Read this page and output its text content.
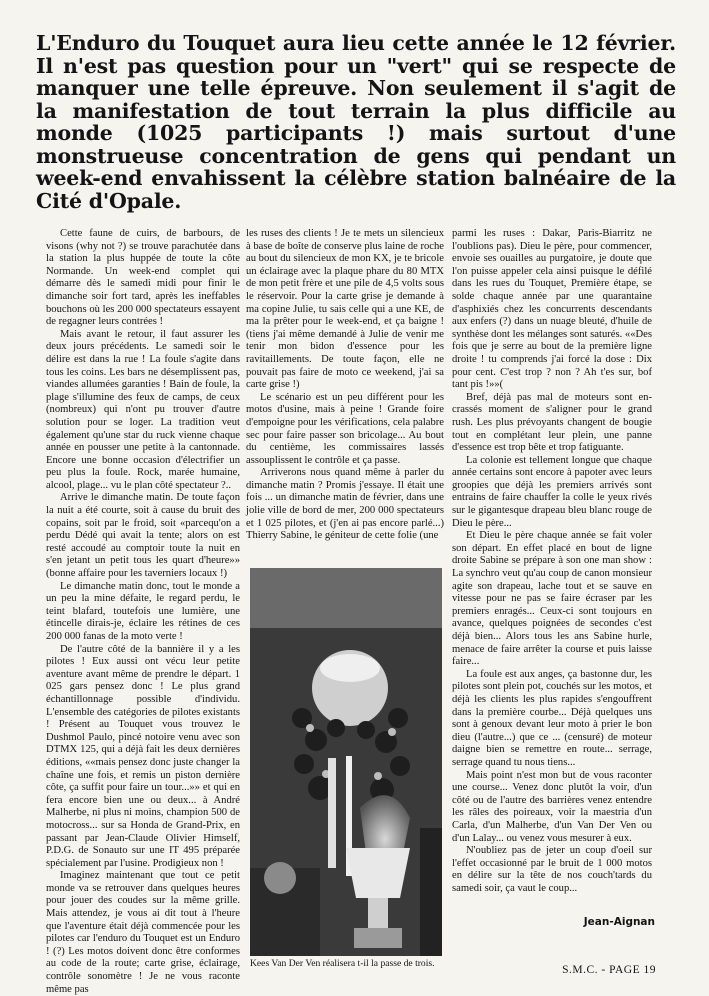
L'Enduro du Touquet aura lieu cette année le 12 février. Il n'est pas question pour un "vert" qui se respecte de manquer une telle épreuve. Non seulement il s'agit de la manifestation de tout terrain la plus difficile au monde (1025 participants !) mais surtout d'une monstrueuse concentration de gens qui pendant un week-end envahissent la célèbre station balnéaire de la Cité d'Opale.

Cette faune de cuirs, de barbours, de visons (why not ?) se trouve parachutée dans la station la plus huppée de toute la côte Normande. Un week-end complet qui démarre dès le samedi midi pour finir le dimanche soir fort tard, après les ineffables bouchons où les 200 000 spectateurs essayent de regagner leurs contrées !

Mais avant le retour, il faut assurer les deux jours précédents. Le samedi soir le délire est dans la rue ! La foule s'agite dans tous les coins. Les bars ne désemplissent pas, viandes allumées garanties ! Bain de foule, la plage s'illumine des feux de camps, de ceux (nombreux) qui n'ont pu trouver d'autre solution pour se loger. La tradition veut également qu'une star du ruck vienne chaque année en pousser une petite à la cantonnade. Encore une bonne occasion d'électrifier un peu plus la foule. Rock, marée humaine, alcool, plage... vu le plan côté spectateur ?..

Arrive le dimanche matin. De toute façon la nuit a été courte, soit à cause du bruit des copains, soit par le froid, soit «parcequ'on a perdu Dédé qui avait la tente; alors on est resté accoudé au comptoir toute la nuit en s'en jetant un petit tous les quart d'heure»» (bonne affaire pour les taverniers locaux !)

Le dimanche matin donc, tout le monde a un peu la mine défaite, le regard perdu, le teint blafard, toutefois une lumière, une étincelle dirais-je, éclaire les rétines de ces 200 000 fanas de la moto verte !

De l'autre côté de la bannière il y a les pilotes ! Eux aussi ont vécu leur petite aventure avant même de prendre le départ. 1 025 gars pensez donc ! Le plus grand échantillonnage possible d'individu. L'ensemble des catégories de pilotes existants ! Présent au Touquet vous trouvez le Dushmol Paulo, pincé notoire venu avec son DTMX 125, qui a déjà fait les deux dernières éditions, ««mais pensez donc juste changer la chaîne une fois, et remis un piston dernière côte, ça suffit pour faire un tour...»» et qui en fera encore bien une ou deux... à André Malherbe, ni plus ni moins, champion 500 de motocross... sur sa Honda de Grand-Prix, en passant par Jean-Claude Olivier Himself, P.D.G. de Sonauto sur une IT 495 préparée spécialement par l'usine. Prodigieux non !

Imaginez maintenant que tout ce petit monde va se retrouver dans quelques heures pour jouer des coudes sur la même grille. Mais attendez, je vous ai dit tout à l'heure que l'aventure était déjà commencée pour les pilotes car l'enduro du Touquet est un Enduro ! (?) Les motos doivent donc être conformes au code de la route; carte grise, éclairage, contrôle sonomètre ! Je ne vous raconte même pas

les ruses des clients ! Je te mets un silencieux à base de boîte de conserve plus laine de roche au bout du silencieux de mon KX, je te bricole un éclairage avec la plaque phare du 80 MTX de mon petit frère et une pile de 4,5 volts sous le réservoir. Pour la carte grise je demande à ma copine Julie, tu sais celle qui a une KE, de ma la prêter pour le week-end, et ça baigne ! (tiens j'ai même demandé à Julie de venir me tenir mon bidon d'essence pour les ravitaillements. De toute façon, elle ne pouvait pas faire de moto ce weekend, j'ai sa carte grise !)

Le scénario est un peu différent pour les motos d'usine, mais à peine ! Grande foire d'empoigne pour les vérifications, cela palabre sec pour faire passer son bricolage... Au bout du centième, les commissaires lassés assouplissent le contrôle et ça passe.

Arriverons nous quand même à parler du dimanche matin ? Promis j'essaye. Il était une fois ... un dimanche matin de février, dans une jolie ville de bord de mer, 200 000 spectateurs et 1 025 pilotes, et (j'en ai pas encore parlé...) Thierry Sabine, le géniteur de cette folie (une

Kees Van Der Ven réalisera t-il la passe de trois.

parmi les ruses : Dakar, Paris-Biarritz ne l'oublions pas). Dieu le père, pour commencer, envoie ses ouailles au purgatoire, je doute que l'on puisse appeler cela ainsi puisque le défilé dans les rues du Touquet, Première étape, se solde chaque année par une quarantaine d'asphixiés chez les concurrents descendants aux enfers (?) dans un nuage bleuté, d'huile de synthèse dont les mélanges sont saturés. ««Des fois que je serre au bout de la première ligne droite ! tu comprends j'ai forcé la dose : Dix pour cent. C'est trop ? non ? Ah t'es sur, bof tant pis !»»(

Bref, déjà pas mal de moteurs sont encrassés moment de s'aligner pour le grand rush. Les plus prévoyants changent de bougie tout en complétant leur plein, une panne d'essence est trop bête et trop fatiguante.

La colonie est tellement longue que chaque année certains sont encore à papoter avec leurs groopies que déjà les premiers arrivés sont entrains de faire chauffer la colle le yeux rivés sur le gigantesque drapeau bleu blanc rouge de Dieu le père...

Et Dieu le père chaque année se fait voler son départ. En effet placé en bout de ligne droite Sabine se prépare à son one man show : La synchro veut qu'au coup de canon monsieur agite son drapeau, lache tout et se sauve en vitesse pour ne pas se faire écraser par les premiers enragés... Ceux-ci sont toujours en avance, quelques poignées de secondes c'est déjà bien... Alors tous les ans Sabine hurle, menace de faire arrêter la course et puis laisse faire...

La foule est aux anges, ça bastonne dur, les pilotes sont plein pot, couchés sur les motos, et déjà les clients les plus rapides s'engouffrent dans la première courbe... Déjà quelques uns sont à genoux devant leur moto à prier le bon dieu (l'autre...) que ce ... (censuré) de moteur daigne bien se remettre en route... serrage, serrage quand tu nous tiens...

Mais point n'est mon but de vous raconter une course... Venez donc plutôt la voir, d'un côté ou de l'autre des barrières venez entendre les râles des poireaux, voir la maestria d'un Carla, d'un Malherbe, d'un Van Der Ven ou d'un Lalay... ou venez vous mesurer à eux.

N'oubliez pas de jeter un coup d'oeil sur l'effet occasionné par le bruit de 1 000 motos en délire sur la tête de nos couch'tards du samedi soir, ça vaut le coup...

Jean-Aignan

S.M.C. - PAGE 19
